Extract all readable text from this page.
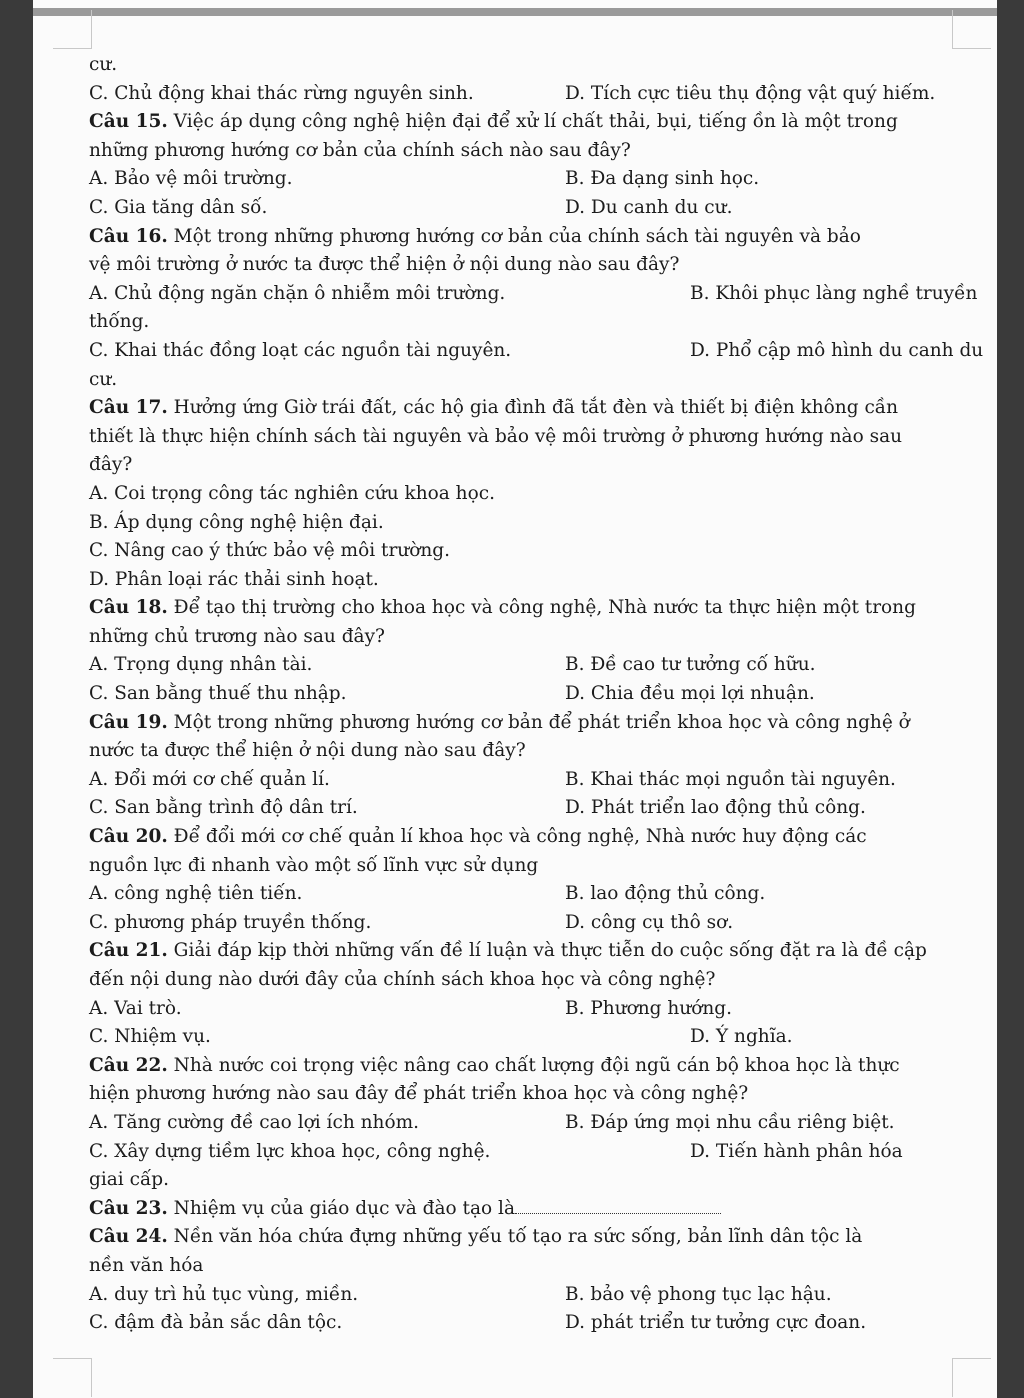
cư.
C. Chủ động khai thác rừng nguyên sinh.	D. Tích cực tiêu thụ động vật quý hiếm.
Câu 15. Việc áp dụng công nghệ hiện đại để xử lí chất thải, bụi, tiếng ồn là một trong
những phương hướng cơ bản của chính sách nào sau đây?
A. Bảo vệ môi trường.	B. Đa dạng sinh học.
C. Gia tăng dân số.	D. Du canh du cư.
Câu 16. Một trong những phương hướng cơ bản của chính sách tài nguyên và bảo
vệ môi trường ở nước ta được thể hiện ở nội dung nào sau đây?
A. Chủ động ngăn chặn ô nhiễm môi trường.	B. Khôi phục làng nghề truyền
thống.
C. Khai thác đồng loạt các nguồn tài nguyên.	D. Phổ cập mô hình du canh du
cư.
Câu 17. Hưởng ứng Giờ trái đất, các hộ gia đình đã tắt đèn và thiết bị điện không cần
thiết là thực hiện chính sách tài nguyên và bảo vệ môi trường ở phương hướng nào sau
đây?
A. Coi trọng công tác nghiên cứu khoa học.
B. Áp dụng công nghệ hiện đại.
C. Nâng cao ý thức bảo vệ môi trường.
D. Phân loại rác thải sinh hoạt.
Câu 18. Để tạo thị trường cho khoa học và công nghệ, Nhà nước ta thực hiện một trong
những chủ trương nào sau đây?
A. Trọng dụng nhân tài.	B. Đề cao tư tưởng cố hữu.
C. San bằng thuế thu nhập.	D. Chia đều mọi lợi nhuận.
Câu 19. Một trong những phương hướng cơ bản để phát triển khoa học và công nghệ ở
nước ta được thể hiện ở nội dung nào sau đây?
A. Đổi mới cơ chế quản lí.	B. Khai thác mọi nguồn tài nguyên.
C. San bằng trình độ dân trí.	D. Phát triển lao động thủ công.
Câu 20. Để đổi mới cơ chế quản lí khoa học và công nghệ, Nhà nước huy động các
nguồn lực đi nhanh vào một số lĩnh vực sử dụng
A. công nghệ tiên tiến.	B. lao động thủ công.
C. phương pháp truyền thống.	D. công cụ thô sơ.
Câu 21. Giải đáp kịp thời những vấn đề lí luận và thực tiễn do cuộc sống đặt ra là đề cập
đến nội dung nào dưới đây của chính sách khoa học và công nghệ?
A. Vai trò.	B. Phương hướng.
C. Nhiệm vụ.	D. Ý nghĩa.
Câu 22. Nhà nước coi trọng việc nâng cao chất lượng đội ngũ cán bộ khoa học là thực
hiện phương hướng nào sau đây để phát triển khoa học và công nghệ?
A. Tăng cường đề cao lợi ích nhóm.	B. Đáp ứng mọi nhu cầu riêng biệt.
C. Xây dựng tiềm lực khoa học, công nghệ.	D. Tiến hành phân hóa
giai cấp.
Câu 23. Nhiệm vụ của giáo dục và đào tạo là
Câu 24. Nền văn hóa chứa đựng những yếu tố tạo ra sức sống, bản lĩnh dân tộc là
nền văn hóa
A. duy trì hủ tục vùng, miền.	B. bảo vệ phong tục lạc hậu.
C. đậm đà bản sắc dân tộc.	D. phát triển tư tưởng cực đoan.
